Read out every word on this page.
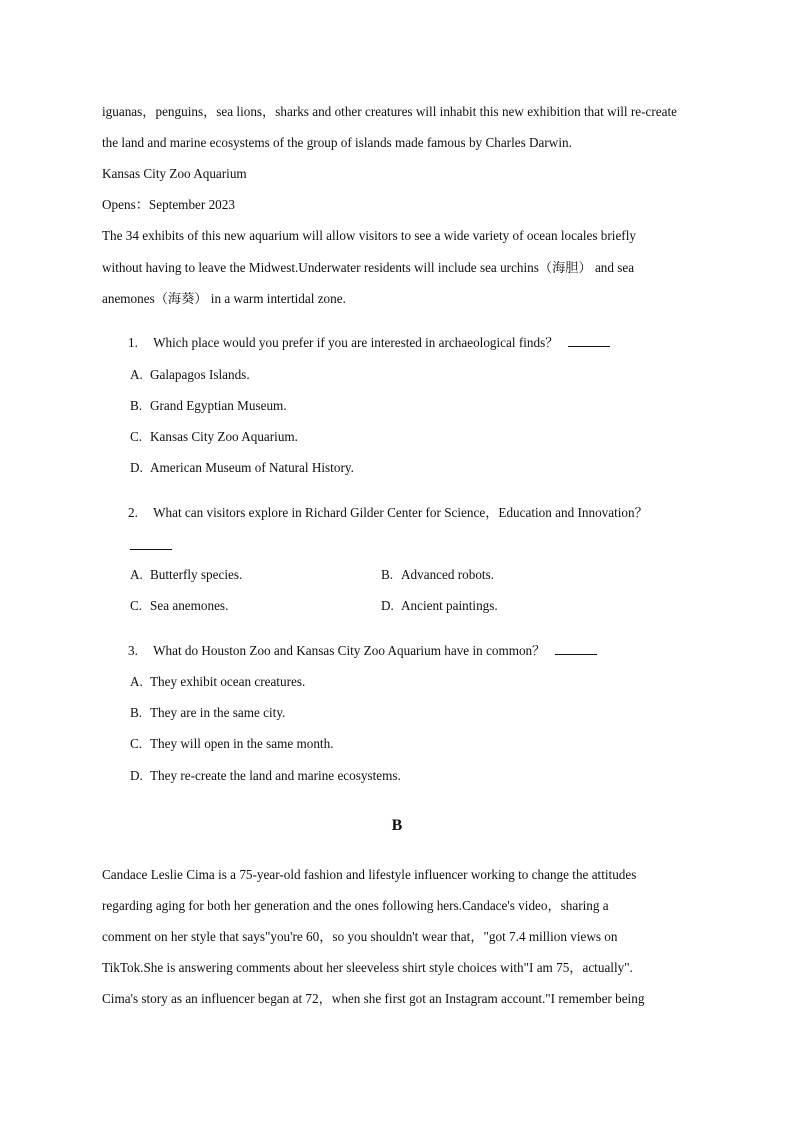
iguanas，penguins，sea lions，sharks and other creatures will inhabit this new exhibition that will re-create
the land and marine ecosystems of the group of islands made famous by Charles Darwin.
Kansas City Zoo Aquarium
Opens：September 2023
The 34 exhibits of this new aquarium will allow visitors to see a wide variety of ocean locales briefly
without having to leave the Midwest.Underwater residents will include sea urchins（海胆） and sea
anemones（海葵） in a warm intertidal zone.
1. Which place would you prefer if you are interested in archaeological finds？
A. Galapagos Islands.
B. Grand Egyptian Museum.
C. Kansas City Zoo Aquarium.
D. American Museum of Natural History.
2. What can visitors explore in Richard Gilder Center for Science，Education and Innovation？
A. Butterfly species.	B. Advanced robots.
C. Sea anemones.	D. Ancient paintings.
3. What do Houston Zoo and Kansas City Zoo Aquarium have in common？
A. They exhibit ocean creatures.
B. They are in the same city.
C. They will open in the same month.
D. They re-create the land and marine ecosystems.
B
Candace Leslie Cima is a 75-year-old fashion and lifestyle influencer working to change the attitudes
regarding aging for both her generation and the ones following hers.Candace's video，sharing a
comment on her style that says"you're 60，so you shouldn't wear that，"got 7.4 million views on
TikTok.She is answering comments about her sleeveless shirt style choices with"I am 75，actually".
Cima's story as an influencer began at 72，when she first got an Instagram account."I remember being
